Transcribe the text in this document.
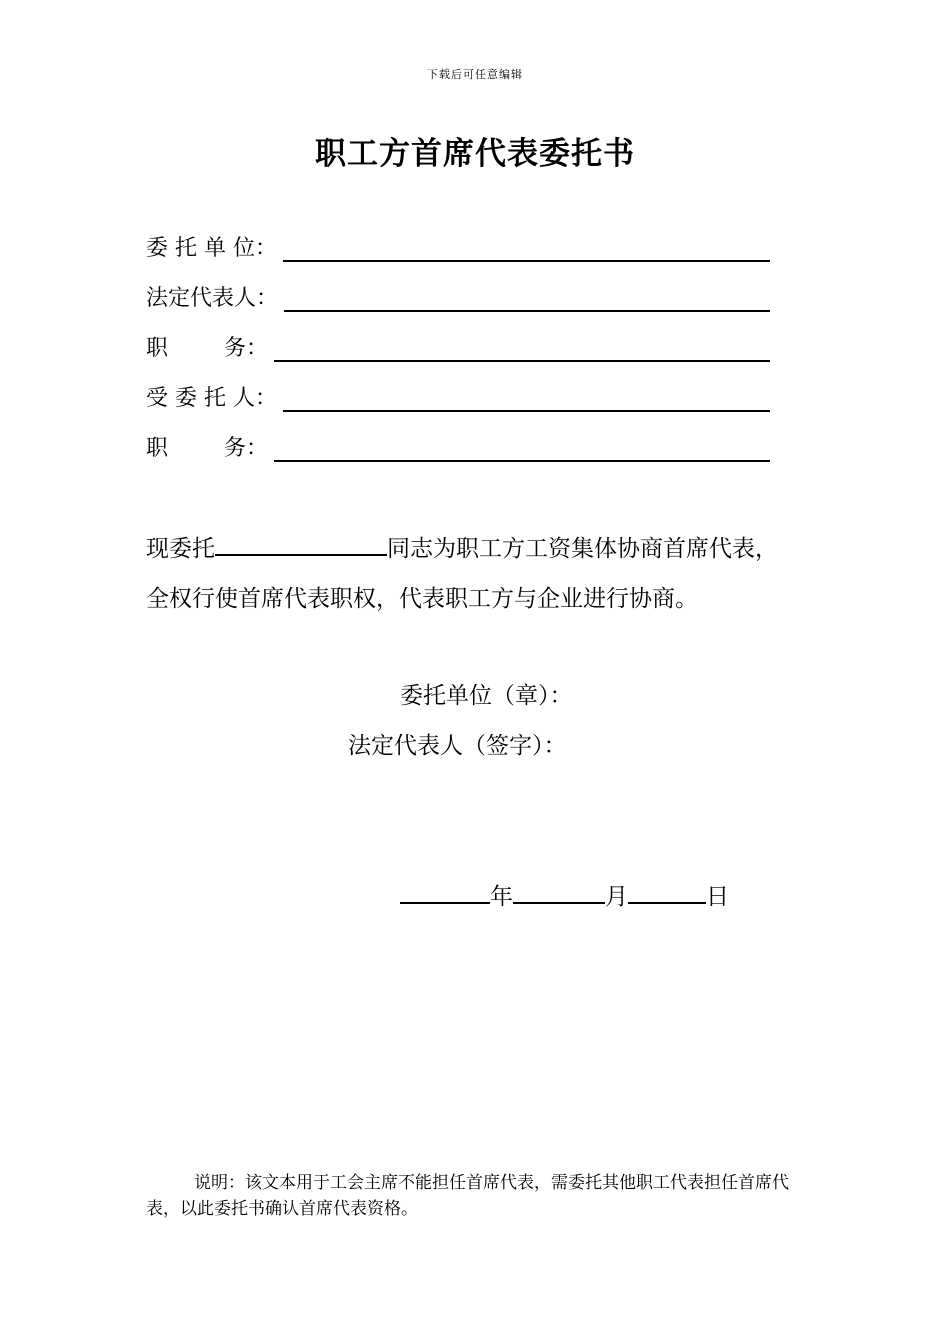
下载后可任意编辑
职工方首席代表委托书
委 托 单 位：
法定代表人：
职        务：
受 委 托 人：
职        务：
现委托	同志为职工方工资集体协商首席代表，
全权行使首席代表职权，代表职工方与企业进行协商。
委托单位（章）：
法定代表人（签字）：
年	月	日
说明：该文本用于工会主席不能担任首席代表，需委托其他职工代表担任首席代表，以此委托书确认首席代表资格。
